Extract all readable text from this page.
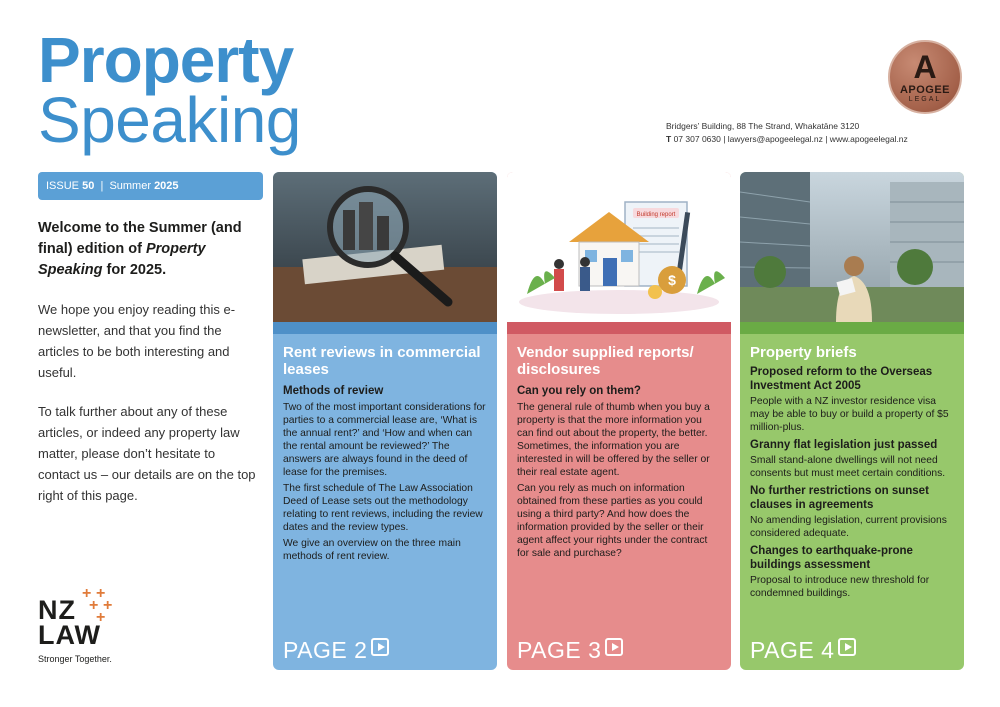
Property
Speaking
A
APOGEE
LEGAL
Bridgers’ Building, 88 The Strand, Whakatāne 3120
T 07 307 0630 | lawyers@apogeelegal.nz | www.apogeelegal.nz
ISSUE 50 | Summer 2025
Welcome to the Summer (and final) edition of Property Speaking for 2025.

We hope you enjoy reading this e-newsletter, and that you find the articles to be both interesting and useful.

To talk further about any of these articles, or indeed any property law matter, please don’t hesitate to contact us – our details are on the top right of this page.

NZ
LAW
Stronger Together.
+ +
+ +
+
Rent reviews in commercial leases
Methods of review

Two of the most important considerations for parties to a commercial lease are, ‘What is the annual rent?’ and ‘How and when can the rental amount be reviewed?’ The answers are always found in the deed of lease for the premises.

The first schedule of The Law Association Deed of Lease sets out the methodology relating to rent reviews, including the review dates and the review types.

We give an overview on the three main methods of rent review.

PAGE 2
Building report
$
Vendor supplied reports/ disclosures
Can you rely on them?

The general rule of thumb when you buy a property is that the more information you can find out about the property, the better. Sometimes, the information you are interested in will be offered by the seller or their real estate agent.

Can you rely as much on information obtained from these parties as you could using a third party? And how does the information provided by the seller or their agent affect your rights under the contract for sale and purchase?

PAGE 3
Property briefs
Proposed reform to the Overseas Investment Act 2005

People with a NZ investor residence visa may be able to buy or build a property of $5 million-plus.

Granny flat legislation just passed

Small stand-alone dwellings will not need consents but must meet certain conditions.

No further restrictions on sunset clauses in agreements

No amending legislation, current provisions considered adequate.

Changes to earthquake-prone buildings assessment

Proposal to introduce new threshold for condemned buildings.

PAGE 4
